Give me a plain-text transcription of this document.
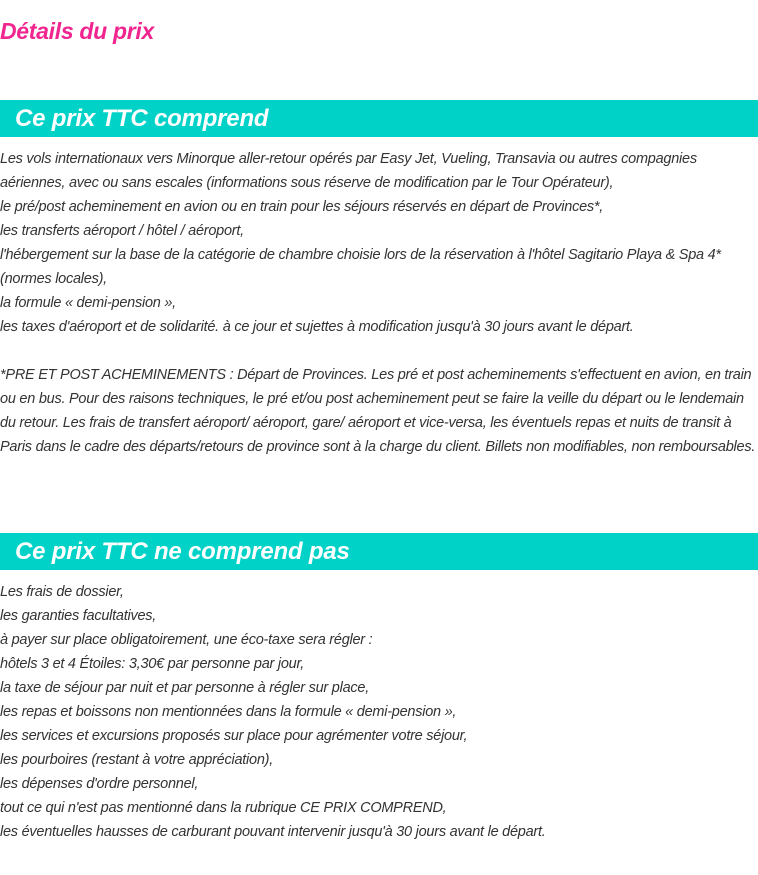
Détails du prix
Ce prix TTC comprend

Les vols internationaux vers Minorque aller-retour opérés par Easy Jet, Vueling, Transavia ou autres compagnies aériennes, avec ou sans escales (informations sous réserve de modification par le Tour Opérateur),

le pré/post acheminement en avion ou en train pour les séjours réservés en départ de Provinces*,

les transferts aéroport / hôtel / aéroport,

l'hébergement sur la base de la catégorie de chambre choisie lors de la réservation à l'hôtel Sagitario Playa & Spa 4* (normes locales),

la formule « demi-pension »,

les taxes d'aéroport et de solidarité. à ce jour et sujettes à modification jusqu'à 30 jours avant le départ.

*PRE ET POST ACHEMINEMENTS : Départ de Provinces. Les pré et post acheminements s'effectuent en avion, en train ou en bus. Pour des raisons techniques, le pré et/ou post acheminement peut se faire la veille du départ ou le lendemain du retour. Les frais de transfert aéroport/ aéroport, gare/ aéroport et vice-versa, les éventuels repas et nuits de transit à Paris dans le cadre des départs/retours de province sont à la charge du client. Billets non modifiables, non remboursables.

Ce prix TTC ne comprend pas

Les frais de dossier,

les garanties facultatives,

à payer sur place obligatoirement, une éco-taxe sera régler :

hôtels 3 et 4 Étoiles: 3,30€ par personne par jour,

la taxe de séjour par nuit et par personne à régler sur place,

les repas et boissons non mentionnées dans la formule « demi-pension »,

les services et excursions proposés sur place pour agrémenter votre séjour,

les pourboires (restant à votre appréciation),

les dépenses d'ordre personnel,

tout ce qui n'est pas mentionné dans la rubrique CE PRIX COMPREND,

les éventuelles hausses de carburant pouvant intervenir jusqu'à 30 jours avant le départ.
